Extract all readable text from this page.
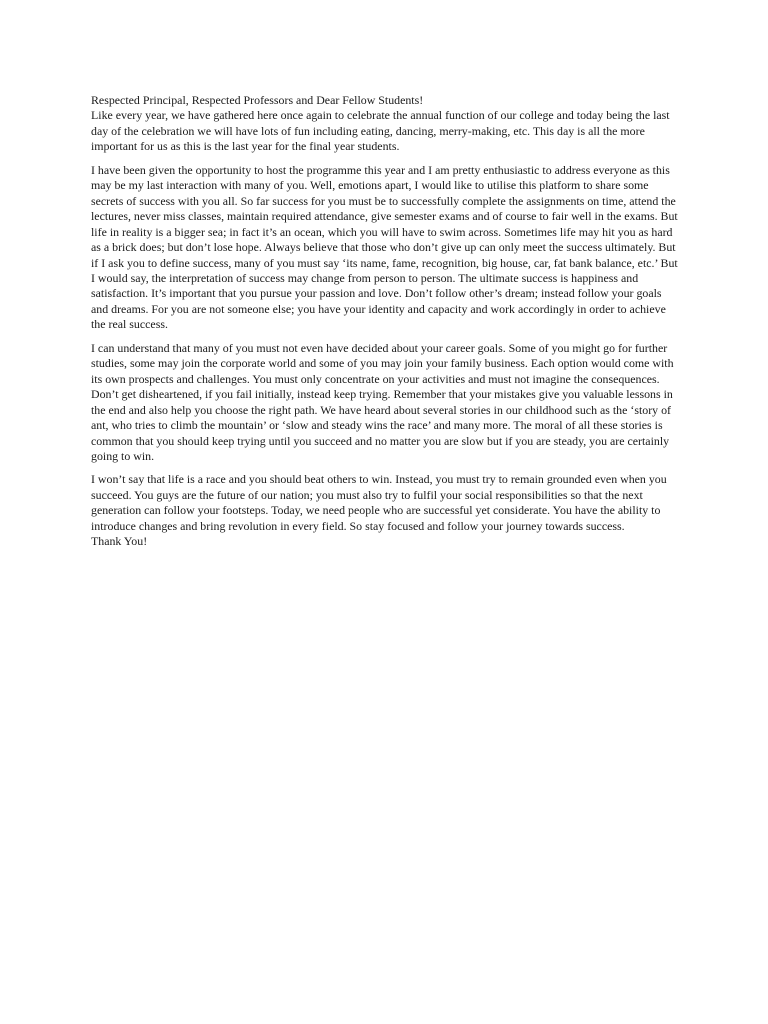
Respected Principal, Respected Professors and Dear Fellow Students!

Like every year, we have gathered here once again to celebrate the annual function of our college and today being the last day of the celebration we will have lots of fun including eating, dancing, merry-making, etc. This day is all the more important for us as this is the last year for the final year students.

I have been given the opportunity to host the programme this year and I am pretty enthusiastic to address everyone as this may be my last interaction with many of you. Well, emotions apart, I would like to utilise this platform to share some secrets of success with you all. So far success for you must be to successfully complete the assignments on time, attend the lectures, never miss classes, maintain required attendance, give semester exams and of course to fair well in the exams. But life in reality is a bigger sea; in fact it’s an ocean, which you will have to swim across. Sometimes life may hit you as hard as a brick does; but don’t lose hope. Always believe that those who don’t give up can only meet the success ultimately. But if I ask you to define success, many of you must say ‘its name, fame, recognition, big house, car, fat bank balance, etc.’ But I would say, the interpretation of success may change from person to person. The ultimate success is happiness and satisfaction. It’s important that you pursue your passion and love. Don’t follow other’s dream; instead follow your goals and dreams. For you are not someone else; you have your identity and capacity and work accordingly in order to achieve the real success.

I can understand that many of you must not even have decided about your career goals. Some of you might go for further studies, some may join the corporate world and some of you may join your family business. Each option would come with its own prospects and challenges. You must only concentrate on your activities and must not imagine the consequences. Don’t get disheartened, if you fail initially, instead keep trying. Remember that your mistakes give you valuable lessons in the end and also help you choose the right path. We have heard about several stories in our childhood such as the ‘story of ant, who tries to climb the mountain’ or ‘slow and steady wins the race’ and many more. The moral of all these stories is common that you should keep trying until you succeed and no matter you are slow but if you are steady, you are certainly going to win.

I won’t say that life is a race and you should beat others to win. Instead, you must try to remain grounded even when you succeed. You guys are the future of our nation; you must also try to fulfil your social responsibilities so that the next generation can follow your footsteps. Today, we need people who are successful yet considerate. You have the ability to introduce changes and bring revolution in every field. So stay focused and follow your journey towards success.

Thank You!
